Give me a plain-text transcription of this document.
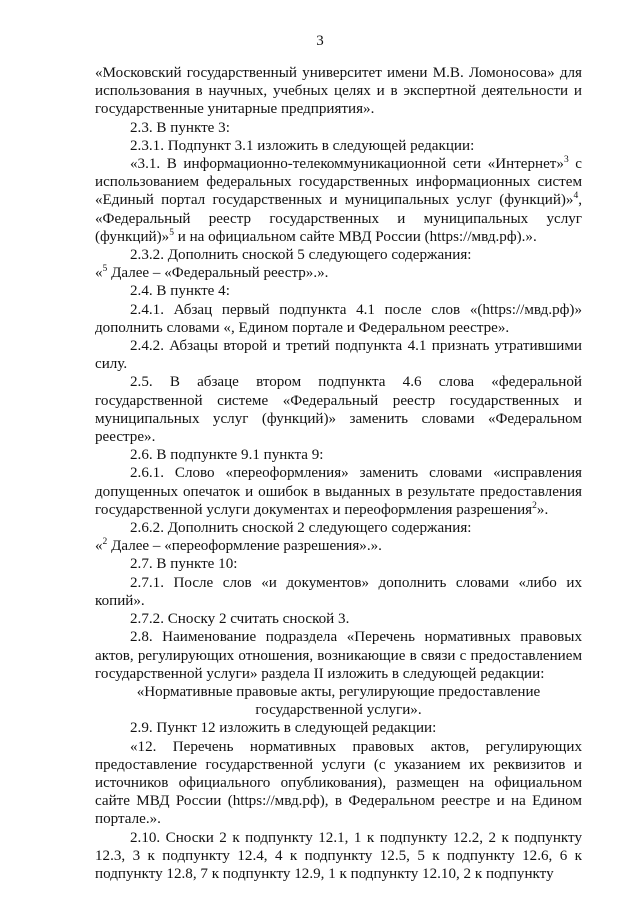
3

«Московский государственный университет имени М.В. Ломоносова» для использования в научных, учебных целях и в экспертной деятельности и государственные унитарные предприятия».

2.3. В пункте 3:

2.3.1. Подпункт 3.1 изложить в следующей редакции:

«3.1. В информационно-телекоммуникационной сети «Интернет»$^3$ с использованием федеральных государственных информационных систем «Единый портал государственных и муниципальных услуг (функций)»$^4$, «Федеральный реестр государственных и муниципальных услуг (функций)»$^5$ и на официальном сайте МВД России (https://мвд.рф).».

2.3.2. Дополнить сноской 5 следующего содержания:

«$^5$ Далее – «Федеральный реестр».».

2.4. В пункте 4:

2.4.1. Абзац первый подпункта 4.1 после слов «(https://мвд.рф)» дополнить словами «, Едином портале и Федеральном реестре».

2.4.2. Абзацы второй и третий подпункта 4.1 признать утратившими силу.

2.5. В абзаце втором подпункта 4.6 слова «федеральной государственной системе «Федеральный реестр государственных и муниципальных услуг (функций)» заменить словами «Федеральном реестре».

2.6. В подпункте 9.1 пункта 9:

2.6.1. Слово «переоформления» заменить словами «исправления допущенных опечаток и ошибок в выданных в результате предоставления государственной услуги документах и переоформления разрешения$^2$».

2.6.2. Дополнить сноской 2 следующего содержания:

«$^2$ Далее – «переоформление разрешения».».

2.7. В пункте 10:

2.7.1. После слов «и документов» дополнить словами «либо их копий».

2.7.2. Сноску 2 считать сноской 3.

2.8. Наименование подраздела «Перечень нормативных правовых актов, регулирующих отношения, возникающие в связи с предоставлением государственной услуги» раздела II изложить в следующей редакции:

«Нормативные правовые акты, регулирующие предоставление государственной услуги».

2.9. Пункт 12 изложить в следующей редакции:

«12. Перечень нормативных правовых актов, регулирующих предоставление государственной услуги (с указанием их реквизитов и источников официального опубликования), размещен на официальном сайте МВД России (https://мвд.рф), в Федеральном реестре и на Едином портале.».

2.10. Сноски 2 к подпункту 12.1, 1 к подпункту 12.2, 2 к подпункту 12.3, 3 к подпункту 12.4, 4 к подпункту 12.5, 5 к подпункту 12.6, 6 к подпункту 12.8, 7 к подпункту 12.9, 1 к подпункту 12.10, 2 к подпункту
